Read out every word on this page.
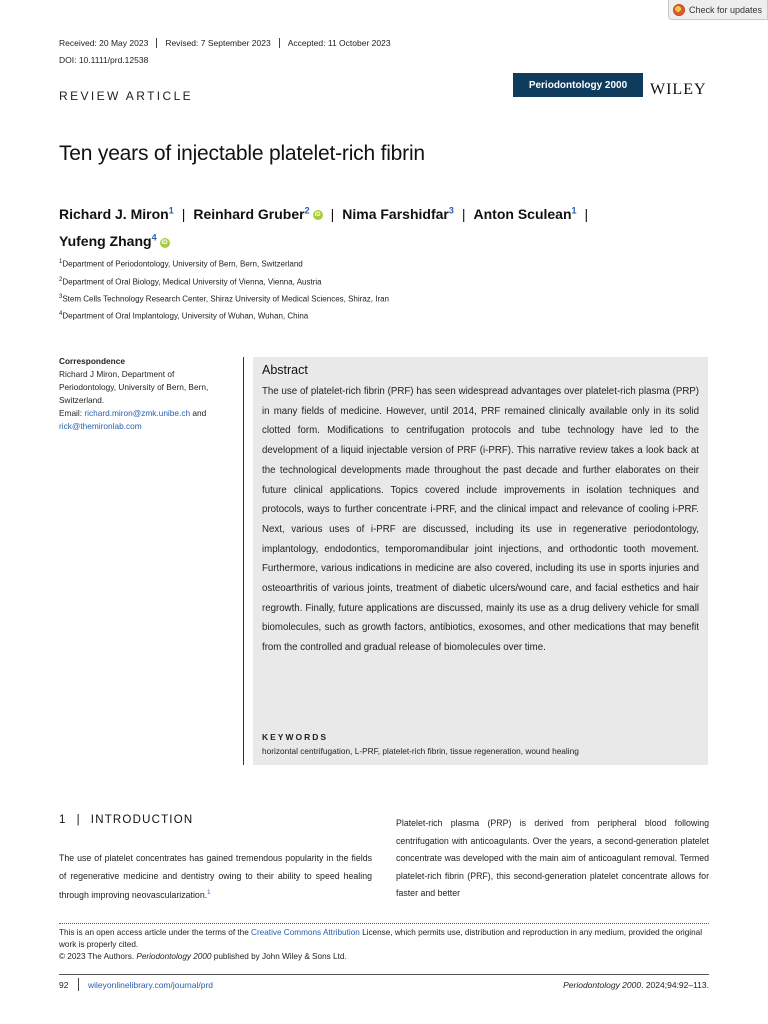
Check for updates
Received: 20 May 2023	Revised: 7 September 2023	Accepted: 11 October 2023
DOI: 10.1111/prd.12538
REVIEW ARTICLE
Periodontology 2000	WILEY
Ten years of injectable platelet-rich fibrin
Richard J. Miron$^1$ | Reinhard Gruber$^2$ iD | Nima Farshidfar$^3$ | Anton Sculean$^1$ |
Yufeng Zhang$^4$ iD
$^1$Department of Periodontology, University of Bern, Bern, Switzerland
$^2$Department of Oral Biology, Medical University of Vienna, Vienna, Austria
$^3$Stem Cells Technology Research Center, Shiraz University of Medical Sciences, Shiraz, Iran
$^4$Department of Oral Implantology, University of Wuhan, Wuhan, China
Correspondence
Richard J Miron, Department of
Periodontology, University of Bern, Bern,
Switzerland.
Email: richard.miron@zmk.unibe.ch and
rick@themironlab.com
Abstract
The use of platelet-rich fibrin (PRF) has seen widespread advantages over platelet-rich plasma (PRP) in many fields of medicine. However, until 2014, PRF remained clinically available only in its solid clotted form. Modifications to centrifugation protocols and tube technology have led to the development of a liquid injectable version of PRF (i-PRF). This narrative review takes a look back at the technological developments made throughout the past decade and further elaborates on their future clinical applications. Topics covered include improvements in isolation techniques and protocols, ways to further concentrate i-PRF, and the clinical impact and relevance of cooling i-PRF. Next, various uses of i-PRF are discussed, including its use in regenerative periodontology, implantology, endodontics, temporomandibular joint injections, and orthodontic tooth movement. Furthermore, various indications in medicine are also covered, including its use in sports injuries and osteoarthritis of various joints, treatment of diabetic ulcers/wound care, and facial esthetics and hair regrowth. Finally, future applications are discussed, mainly its use as a drug delivery vehicle for small biomolecules, such as growth factors, antibiotics, exosomes, and other medications that may benefit from the controlled and gradual release of biomolecules over time.
KEYWORDS
horizontal centrifugation, L-PRF, platelet-rich fibrin, tissue regeneration, wound healing
1 | INTRODUCTION
The use of platelet concentrates has gained tremendous popularity in the fields of regenerative medicine and dentistry owing to their ability to speed healing through improving neovascularization.$^1$
Platelet-rich plasma (PRP) is derived from peripheral blood following centrifugation with anticoagulants. Over the years, a second-generation platelet concentrate was developed with the main aim of anticoagulant removal. Termed platelet-rich fibrin (PRF), this second-generation platelet concentrate allows for faster and better
This is an open access article under the terms of the Creative Commons Attribution License, which permits use, distribution and reproduction in any medium, provided the original work is properly cited.
© 2023 The Authors. Periodontology 2000 published by John Wiley & Sons Ltd.
92 wileyonlinelibrary.com/journal/prd	Periodontology 2000. 2024;94:92–113.
